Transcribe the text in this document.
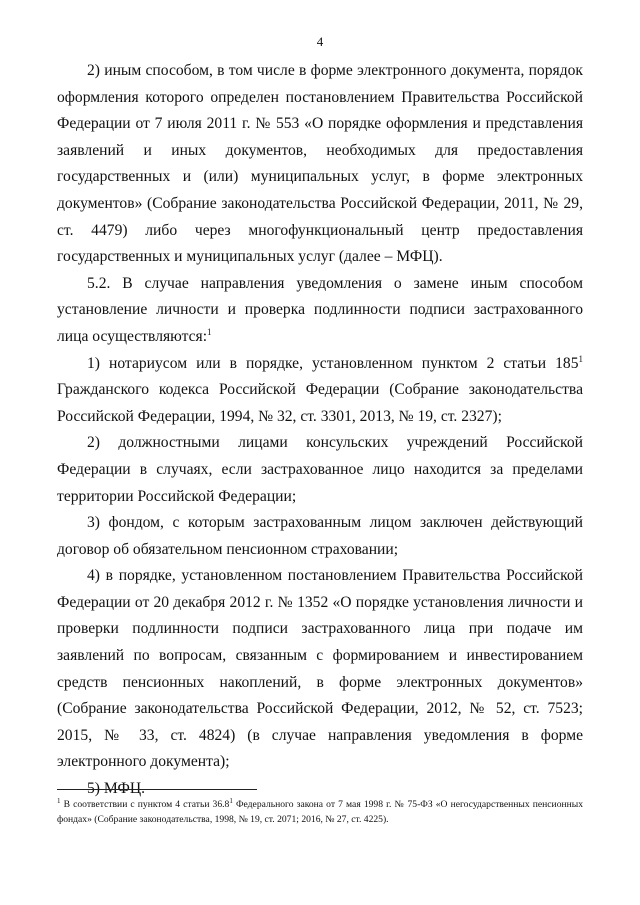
4

2) иным способом, в том числе в форме электронного документа, порядок оформления которого определен постановлением Правительства Российской Федерации от 7 июля 2011 г. № 553 «О порядке оформления и представления заявлений и иных документов, необходимых для предоставления государственных и (или) муниципальных услуг, в форме электронных документов» (Собрание законодательства Российской Федерации, 2011, № 29, ст. 4479) либо через многофункциональный центр предоставления государственных и муниципальных услуг (далее – МФЦ).

5.2. В случае направления уведомления о замене иным способом установление личности и проверка подлинности подписи застрахованного лица осуществляются:$^1$

1) нотариусом или в порядке, установленном пунктом 2 статьи $185^1$ Гражданского кодекса Российской Федерации (Собрание законодательства Российской Федерации, 1994, № 32, ст. 3301, 2013, № 19, ст. 2327);

2) должностными лицами консульских учреждений Российской Федерации в случаях, если застрахованное лицо находится за пределами территории Российской Федерации;

3) фондом, с которым застрахованным лицом заключен действующий договор об обязательном пенсионном страховании;

4) в порядке, установленном постановлением Правительства Российской Федерации от 20 декабря 2012 г. № 1352 «О порядке установления личности и проверки подлинности подписи застрахованного лица при подаче им заявлений по вопросам, связанным с формированием и инвестированием средств пенсионных накоплений, в форме электронных документов» (Собрание законодательства Российской Федерации, 2012, № 52, ст. 7523; 2015, № 33, ст. 4824) (в случае направления уведомления в форме электронного документа);

5) МФЦ.

$^1$ В соответствии с пунктом 4 статьи 36.8$^1$ Федерального закона от 7 мая 1998 г. № 75-ФЗ «О негосударственных пенсионных фондах» (Собрание законодательства, 1998, № 19, ст. 2071; 2016, № 27, ст. 4225).
